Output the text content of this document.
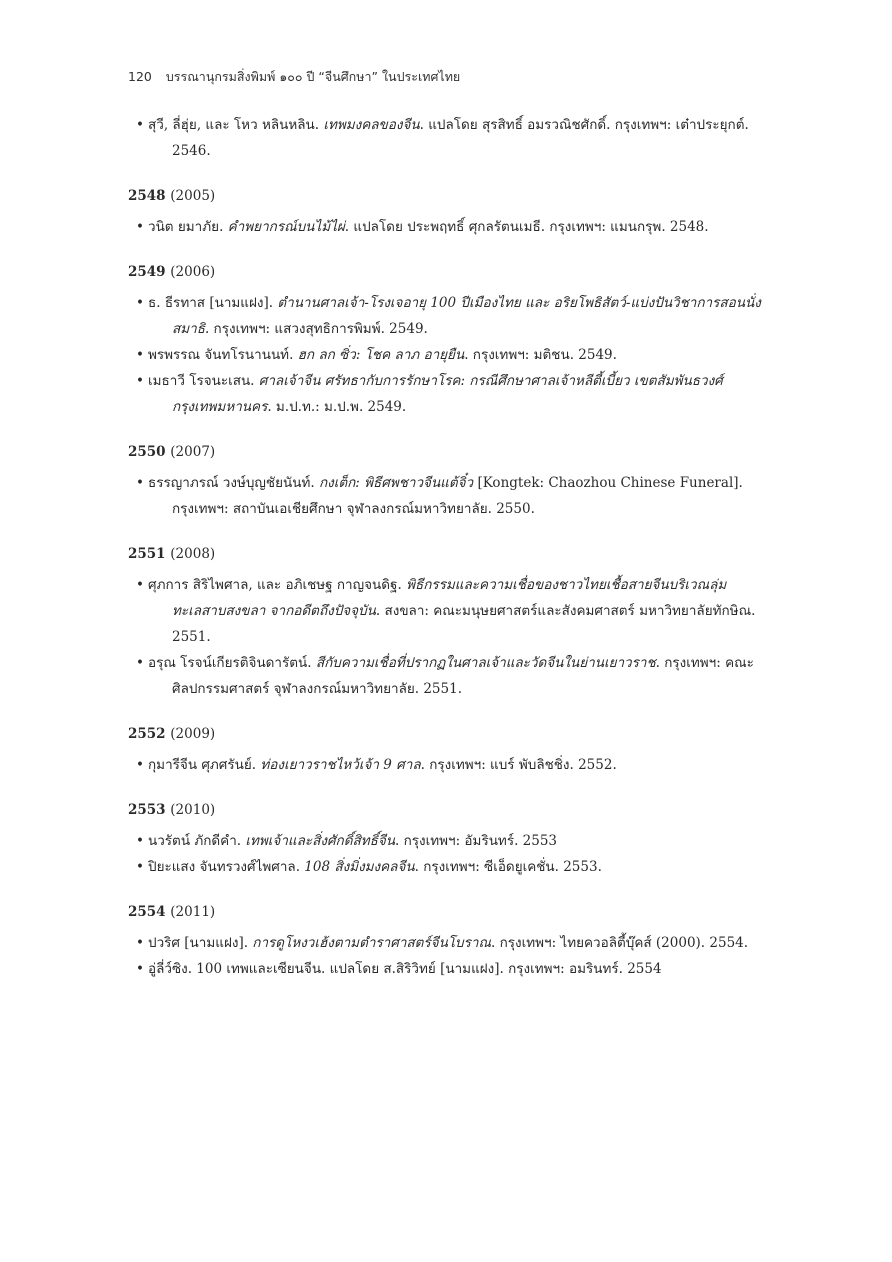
120 บรรณานุกรมสิ่งพิมพ์ ๑๐๐ ปี “จีนศึกษา” ในประเทศไทย
• สุวี, ลี่ฮุ่ย, และ โหว หลินหลิน. เทพมงคลของจีน. แปลโดย สุรสิทธิ์ อมรวณิชศักดิ์. กรุงเทพฯ: เต๋าประยุกต์. 2546.
2548 (2005)
• วนิต ยมาภัย. คำพยากรณ์บนไม้ไผ่. แปลโดย ประพฤทธิ์ ศุกลรัตนเมธี. กรุงเทพฯ: แมนกรุพ. 2548.
2549 (2006)
• ธ. ธีรทาส [นามแฝง]. ตำนานศาลเจ้า-โรงเจอายุ 100 ปีเมืองไทย และ อริยโพธิสัตว์-แบ่งปันวิชาการสอนนั่งสมาธิ. กรุงเทพฯ: แสวงสุทธิการพิมพ์. 2549.
• พรพรรณ จันทโรนานนท์. ฮก ลก ซิ่ว: โชค ลาภ อายุยืน. กรุงเทพฯ: มติชน. 2549.
• เมธาวี โรจนะเสน. ศาลเจ้าจีน ศรัทธากับการรักษาโรค: กรณีศึกษาศาลเจ้าหลีตี้เบี้ยว เขตสัมพันธวงศ์ กรุงเทพมหานคร. ม.ป.ท.: ม.ป.พ. 2549.
2550 (2007)
• ธรรญาภรณ์ วงษ์บุญชัยนันท์. กงเต็ก: พิธีศพชาวจีนแต้จิ๋ว [Kongtek: Chaozhou Chinese Funeral]. กรุงเทพฯ: สถาบันเอเชียศึกษา จุฬาลงกรณ์มหาวิทยาลัย. 2550.
2551 (2008)
• ศุภการ สิริไพศาล, และ อภิเชษฐ กาญจนดิฐ. พิธีกรรมและความเชื่อของชาวไทยเชื้อสายจีนบริเวณลุ่มทะเลสาบสงขลา จากอดีตถึงปัจจุบัน. สงขลา: คณะมนุษยศาสตร์และสังคมศาสตร์ มหาวิทยาลัยทักษิณ. 2551.
• อรุณ โรจน์เกียรติจินดารัตน์. สีกับความเชื่อที่ปรากฏในศาลเจ้าและวัดจีนในย่านเยาวราช. กรุงเทพฯ: คณะศิลปกรรมศาสตร์ จุฬาลงกรณ์มหาวิทยาลัย. 2551.
2552 (2009)
• กุมารีจีน ศุภศรันย์. ท่องเยาวราชไหว้เจ้า 9 ศาล. กรุงเทพฯ: แบร์ พับลิชชิ่ง. 2552.
2553 (2010)
• นวรัตน์ ภักดีคำ. เทพเจ้าและสิ่งศักดิ์สิทธิ์จีน. กรุงเทพฯ: อัมรินทร์. 2553
• ปิยะแสง จันทรวงศ์ไพศาล. 108 สิ่งมิ่งมงคลจีน. กรุงเทพฯ: ซีเอ็ดยูเคชั่น. 2553.
2554 (2011)
• ปวริศ [นามแฝง]. การดูโหงวเฮ้งตามตำราศาสตร์จีนโบราณ. กรุงเทพฯ: ไทยควอลิตี้บุ๊คส์ (2000). 2554.
• อู่ลี่ว์ซิง. 100 เทพและเซียนจีน. แปลโดย ส.สิริวิทย์ [นามแฝง]. กรุงเทพฯ: อมรินทร์. 2554
